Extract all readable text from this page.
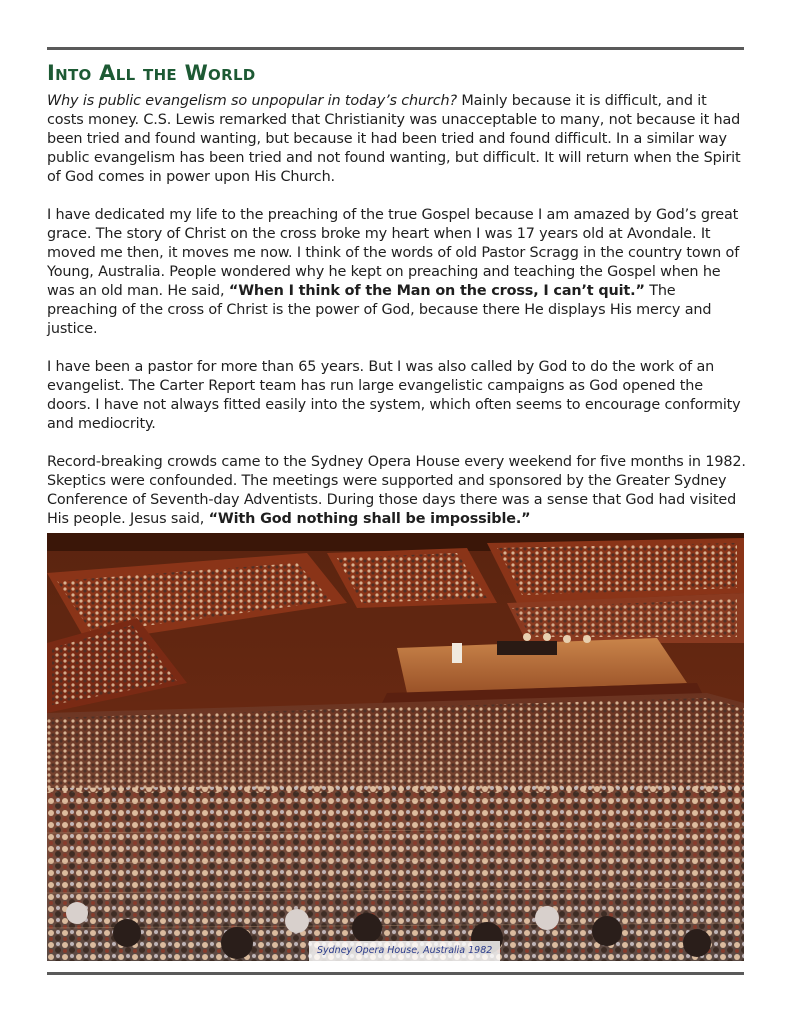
Into All the World

Why is public evangelism so unpopular in today’s church? Mainly because it is difficult, and it costs money. C.S. Lewis remarked that Christianity was unacceptable to many, not because it had been tried and found wanting, but because it had been tried and found difficult. In a similar way public evangelism has been tried and not found wanting, but difficult. It will return when the Spirit of God comes in power upon His Church.

I have dedicated my life to the preaching of the true Gospel because I am amazed by God’s great grace. The story of Christ on the cross broke my heart when I was 17 years old at Avondale. It moved me then, it moves me now. I think of the words of old Pastor Scragg in the country town of Young, Australia. People wondered why he kept on preaching and teaching the Gospel when he was an old man. He said, “When I think of the Man on the cross, I can’t quit.” The preaching of the cross of Christ is the power of God, because there He displays His mercy and justice.

I have been a pastor for more than 65 years. But I was also called by God to do the work of an evangelist. The Carter Report team has run large evangelistic campaigns as God opened the doors. I have not always fitted easily into the system, which often seems to encourage conformity and mediocrity.

Record-breaking crowds came to the Sydney Opera House every weekend for five months in 1982. Skeptics were confounded. The meetings were supported and sponsored by the Greater Sydney Conference of Seventh-day Adventists. During those days there was a sense that God had visited His people. Jesus said, “With God nothing shall be impossible.”

Sydney Opera House, Australia 1982
